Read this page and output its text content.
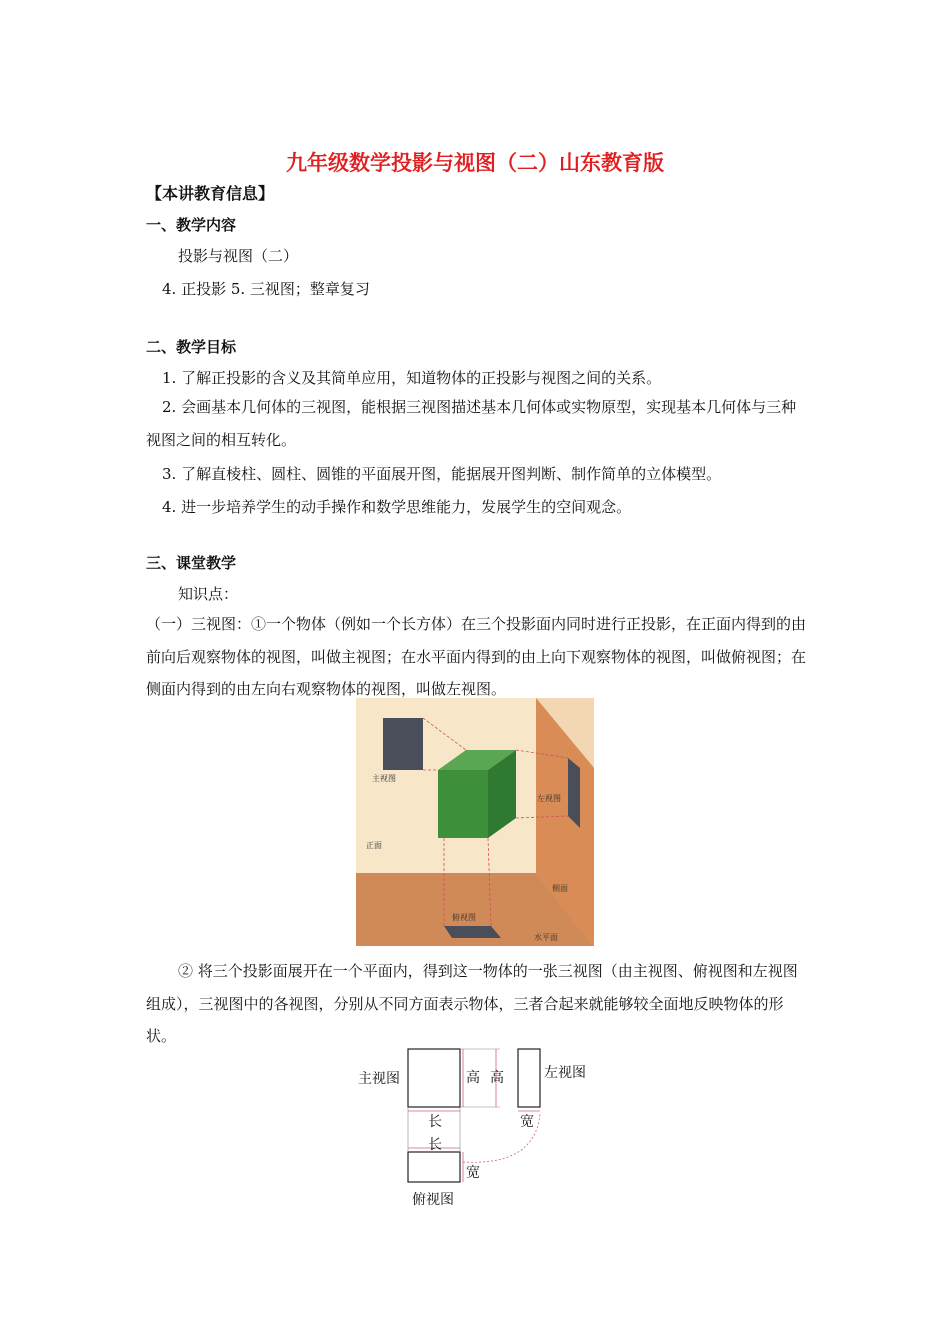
九年级数学投影与视图（二）山东教育版
【本讲教育信息】
一、教学内容
投影与视图（二）
4. 正投影 5. 三视图；整章复习
二、教学目标
1. 了解正投影的含义及其简单应用，知道物体的正投影与视图之间的关系。
2. 会画基本几何体的三视图，能根据三视图描述基本几何体或实物原型，实现基本几何体与三种视图之间的相互转化。
3. 了解直棱柱、圆柱、圆锥的平面展开图，能据展开图判断、制作简单的立体模型。
4. 进一步培养学生的动手操作和数学思维能力，发展学生的空间观念。
三、课堂教学
知识点：
（一）三视图：①一个物体（例如一个长方体）在三个投影面内同时进行正投影，在正面内得到的由前向后观察物体的视图，叫做主视图；在水平面内得到的由上向下观察物体的视图，叫做俯视图；在侧面内得到的由左向右观察物体的视图，叫做左视图。
主视图
左视图
正面
侧面
俯视图
水平面
② 将三个投影面展开在一个平面内，得到这一物体的一张三视图（由主视图、俯视图和左视图组成），三视图中的各视图，分别从不同方面表示物体，三者合起来就能够较全面地反映物体的形状。
主视图	左视图
俯视图
高 高
长
长
宽
宽
